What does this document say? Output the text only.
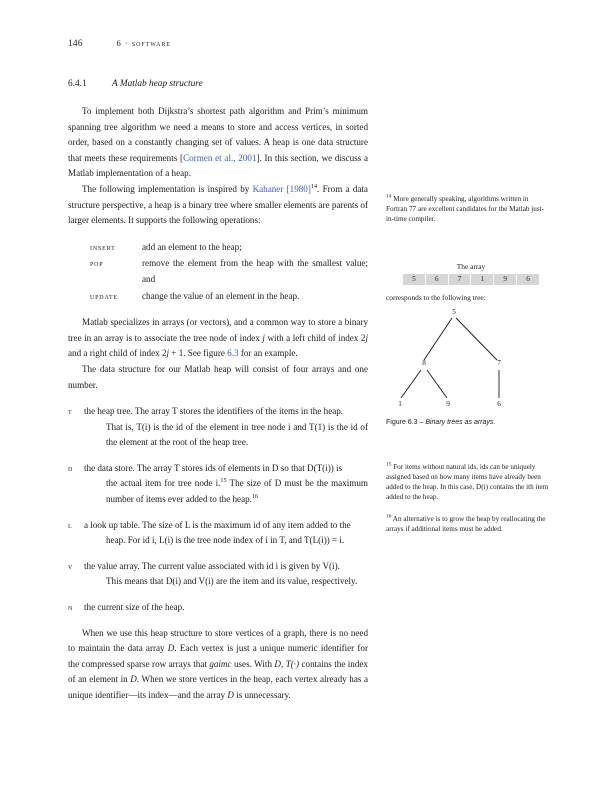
146	6 · software
6.4.1	A Matlab heap structure

To implement both Dijkstra’s shortest path algorithm and Prim’s minimum spanning tree algorithm we need a means to store and access vertices, in sorted order, based on a constantly changing set of values. A heap is one data structure that meets these requirements [Cormen et al., 2001]. In this section, we discuss a Matlab implementation of a heap.

The following implementation is inspired by Kahaner [1980]$^{14}$. From a data structure perspective, a heap is a binary tree where smaller elements are parents of larger elements. It supports the following operations:

insert	add an element to the heap;
pop	remove the element from the heap with the smallest value; and
update	change the value of an element in the heap.

Matlab specializes in arrays (or vectors), and a common way to store a binary tree in an array is to associate the tree node of index j with a left child of index 2j and a right child of index 2j + 1. See figure 6.3 for an example.

The data structure for our Matlab heap will consist of four arrays and one number.

t	the heap tree. The array T stores the identifiers of the items in the heap.
That is, T(i) is the id of the element in tree node i and T(1) is the id of the element at the root of the heap tree.
d	the data store. The array T stores ids of elements in D so that D(T(i)) is
the actual item for tree node i.$^{15}$ The size of D must be the maximum number of items ever added to the heap.$^{16}$
l	a look up table. The size of L is the maximum id of any item added to the
heap. For id i, L(i) is the tree node index of i in T, and T(L(i)) = i.
v	the value array. The current value associated with id i is given by V(i).
This means that D(i) and V(i) are the item and its value, respectively.
n	the current size of the heap.

When we use this heap structure to store vertices of a graph, there is no need to maintain the data array D. Each vertex is just a unique numeric identifier for the compressed sparse row arrays that gaimc uses. With D, T(·) contains the index of an element in D. When we store vertices in the heap, each vertex already has a unique identifier—its index—and the array D is unnecessary.

$^{14}$ More generally speaking, algorithms written in Fortran 77 are excellent candidates for the Matlab just-in-time compiler.

The array
5	6	7	1	9	6
corresponds to the following tree:
5
8	7
1	9	6
Figure 6.3 – Binary trees as arrays.

$^{15}$ For items without natural ids, ids can be uniquely assigned based on how many items have already been added to the heap. In this case, D(i) contains the ith item added to the heap.

$^{16}$ An alternative is to grow the heap by reallocating the arrays if additional items must be added.
